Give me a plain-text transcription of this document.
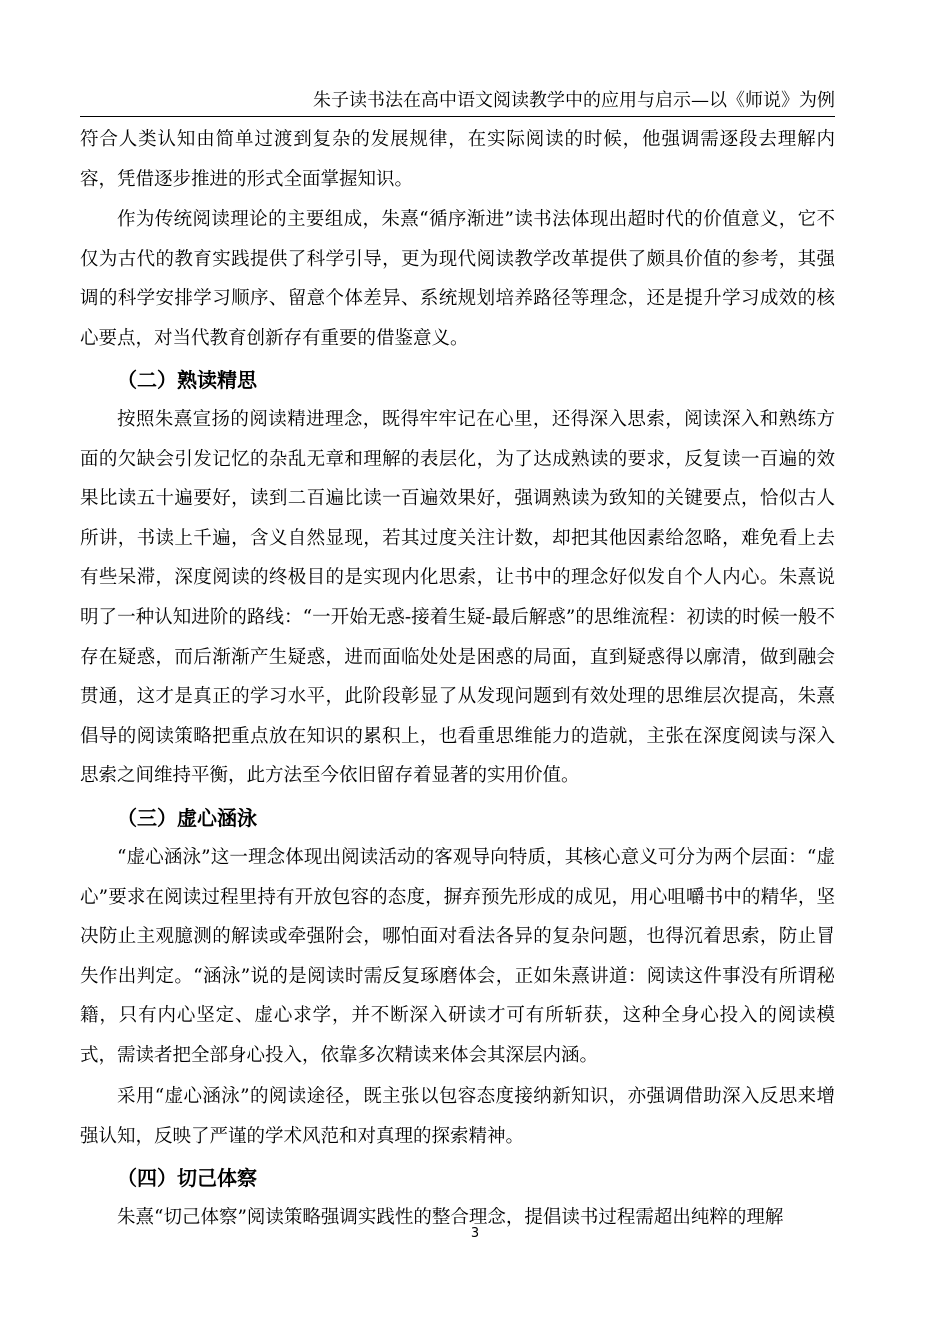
朱子读书法在高中语文阅读教学中的应用与启示—以《师说》为例

符合人类认知由简单过渡到复杂的发展规律，在实际阅读的时候，他强调需逐段去理解内容，凭借逐步推进的形式全面掌握知识。

作为传统阅读理论的主要组成，朱熹“循序渐进”读书法体现出超时代的价值意义，它不仅为古代的教育实践提供了科学引导，更为现代阅读教学改革提供了颇具价值的参考，其强调的科学安排学习顺序、留意个体差异、系统规划培养路径等理念，还是提升学习成效的核心要点，对当代教育创新存有重要的借鉴意义。

（二）熟读精思

按照朱熹宣扬的阅读精进理念，既得牢牢记在心里，还得深入思索，阅读深入和熟练方面的欠缺会引发记忆的杂乱无章和理解的表层化，为了达成熟读的要求，反复读一百遍的效果比读五十遍要好，读到二百遍比读一百遍效果好，强调熟读为致知的关键要点，恰似古人所讲，书读上千遍，含义自然显现，若其过度关注计数，却把其他因素给忽略，难免看上去有些呆滞，深度阅读的终极目的是实现内化思索，让书中的理念好似发自个人内心。朱熹说明了一种认知进阶的路线：“一开始无惑-接着生疑-最后解惑”的思维流程：初读的时候一般不存在疑惑，而后渐渐产生疑惑，进而面临处处是困惑的局面，直到疑惑得以廓清，做到融会贯通，这才是真正的学习水平，此阶段彰显了从发现问题到有效处理的思维层次提高，朱熹倡导的阅读策略把重点放在知识的累积上，也看重思维能力的造就，主张在深度阅读与深入思索之间维持平衡，此方法至今依旧留存着显著的实用价值。

（三）虚心涵泳

“虚心涵泳”这一理念体现出阅读活动的客观导向特质，其核心意义可分为两个层面：“虚心”要求在阅读过程里持有开放包容的态度，摒弃预先形成的成见，用心咀嚼书中的精华，坚决防止主观臆测的解读或牵强附会，哪怕面对看法各异的复杂问题，也得沉着思索，防止冒失作出判定。“涵泳”说的是阅读时需反复琢磨体会，正如朱熹讲道：阅读这件事没有所谓秘籍，只有内心坚定、虚心求学，并不断深入研读才可有所斩获，这种全身心投入的阅读模式，需读者把全部身心投入，依靠多次精读来体会其深层内涵。

采用“虚心涵泳”的阅读途径，既主张以包容态度接纳新知识，亦强调借助深入反思来增强认知，反映了严谨的学术风范和对真理的探索精神。

（四）切己体察

朱熹“切己体察”阅读策略强调实践性的整合理念，提倡读书过程需超出纯粹的理解

3
